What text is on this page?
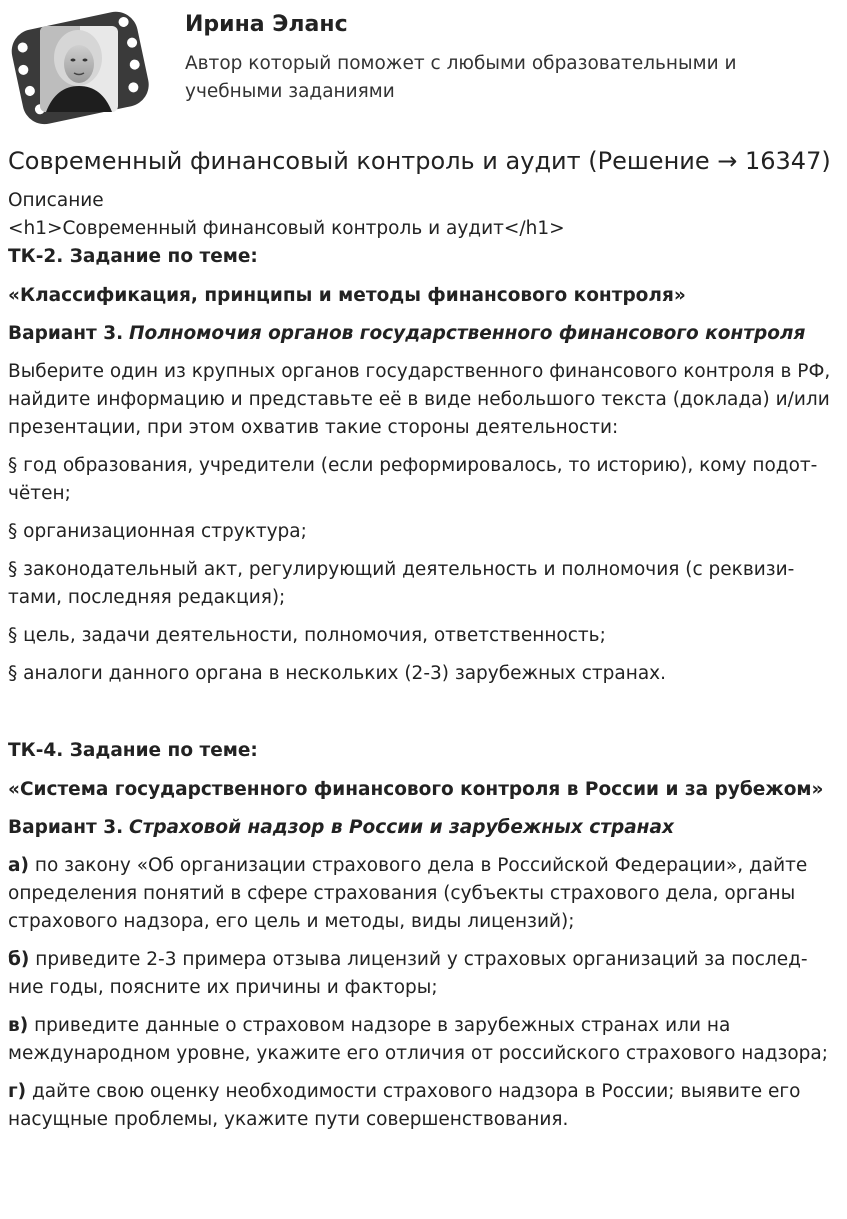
Ирина Эланс
Автор который поможет с любыми образовательными и учебными заданиями
Современный финансовый контроль и аудит (Решение → 16347)

Описание

<h1>Современный финансовый контроль и аудит</h1>

ТК-2. Задание по теме:

«Классификация, принципы и методы финансового контроля»

Вариант 3. Полномочия органов государственного финансового контроля

Выберите один из крупных органов государственного финансового контроля в РФ, найдите информацию и представьте её в виде небольшого текста (доклада) и/или презентации, при этом охватив такие стороны деятельности:

§ год образования, учредители (если реформировалось, то историю), кому подот-чётен;

§ организационная структура;

§ законодательный акт, регулирующий деятельность и полномочия (с реквизи-тами, последняя редакция);

§ цель, задачи деятельности, полномочия, ответственность;

§ аналоги данного органа в нескольких (2-3) зарубежных странах.

ТК-4. Задание по теме:

«Система государственного финансового контроля в России и за рубежом»

Вариант 3. Страховой надзор в России и зарубежных странах

а) по закону «Об организации страхового дела в Российской Федерации», дайте определения понятий в сфере страхования (субъекты страхового дела, органы страхового надзора, его цель и методы, виды лицензий);

б) приведите 2-3 примера отзыва лицензий у страховых организаций за послед-ние годы, поясните их причины и факторы;

в) приведите данные о страховом надзоре в зарубежных странах или на международном уровне, укажите его отличия от российского страхового надзора;

г) дайте свою оценку необходимости страхового надзора в России; выявите его насущные проблемы, укажите пути совершенствования.
